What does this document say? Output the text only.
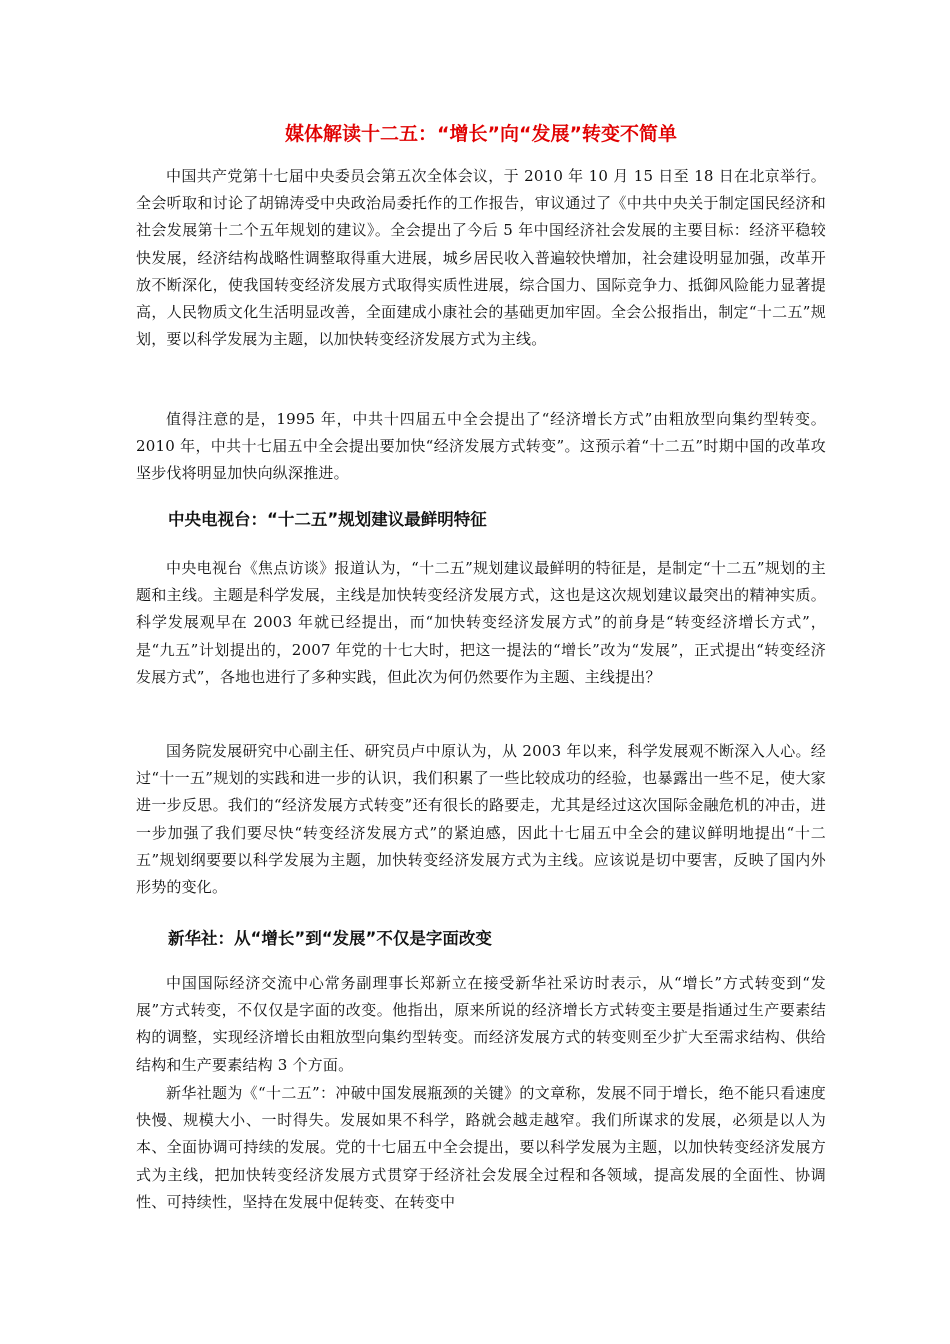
媒体解读十二五：“增长”向“发展”转变不简单

中国共产党第十七届中央委员会第五次全体会议，于 2010 年 10 月 15 日至 18 日在北京举行。全会听取和讨论了胡锦涛受中央政治局委托作的工作报告，审议通过了《中共中央关于制定国民经济和社会发展第十二个五年规划的建议》。全会提出了今后 5 年中国经济社会发展的主要目标：经济平稳较快发展，经济结构战略性调整取得重大进展，城乡居民收入普遍较快增加，社会建设明显加强，改革开放不断深化，使我国转变经济发展方式取得实质性进展，综合国力、国际竞争力、抵御风险能力显著提高，人民物质文化生活明显改善，全面建成小康社会的基础更加牢固。全会公报指出，制定“十二五”规划，要以科学发展为主题，以加快转变经济发展方式为主线。

值得注意的是，1995 年，中共十四届五中全会提出了“经济增长方式”由粗放型向集约型转变。2010 年，中共十七届五中全会提出要加快“经济发展方式转变”。这预示着“十二五”时期中国的改革攻坚步伐将明显加快向纵深推进。

中央电视台：“十二五”规划建议最鲜明特征

中央电视台《焦点访谈》报道认为，“十二五”规划建议最鲜明的特征是，是制定“十二五”规划的主题和主线。主题是科学发展，主线是加快转变经济发展方式，这也是这次规划建议最突出的精神实质。科学发展观早在 2003 年就已经提出，而“加快转变经济发展方式”的前身是“转变经济增长方式”，是“九五”计划提出的，2007 年党的十七大时，把这一提法的“增长”改为“发展”，正式提出“转变经济发展方式”，各地也进行了多种实践，但此次为何仍然要作为主题、主线提出？

国务院发展研究中心副主任、研究员卢中原认为，从 2003 年以来，科学发展观不断深入人心。经过“十一五”规划的实践和进一步的认识，我们积累了一些比较成功的经验，也暴露出一些不足，使大家进一步反思。我们的“经济发展方式转变”还有很长的路要走，尤其是经过这次国际金融危机的冲击，进一步加强了我们要尽快“转变经济发展方式”的紧迫感，因此十七届五中全会的建议鲜明地提出“十二五”规划纲要要以科学发展为主题，加快转变经济发展方式为主线。应该说是切中要害，反映了国内外形势的变化。

新华社：从“增长”到“发展”不仅是字面改变

中国国际经济交流中心常务副理事长郑新立在接受新华社采访时表示，从“增长”方式转变到“发展”方式转变，不仅仅是字面的改变。他指出，原来所说的经济增长方式转变主要是指通过生产要素结构的调整，实现经济增长由粗放型向集约型转变。而经济发展方式的转变则至少扩大至需求结构、供给结构和生产要素结构 3 个方面。

新华社题为《“十二五”：冲破中国发展瓶颈的关键》的文章称，发展不同于增长，绝不能只看速度快慢、规模大小、一时得失。发展如果不科学，路就会越走越窄。我们所谋求的发展，必须是以人为本、全面协调可持续的发展。党的十七届五中全会提出，要以科学发展为主题，以加快转变经济发展方式为主线，把加快转变经济发展方式贯穿于经济社会发展全过程和各领域，提高发展的全面性、协调性、可持续性，坚持在发展中促转变、在转变中
